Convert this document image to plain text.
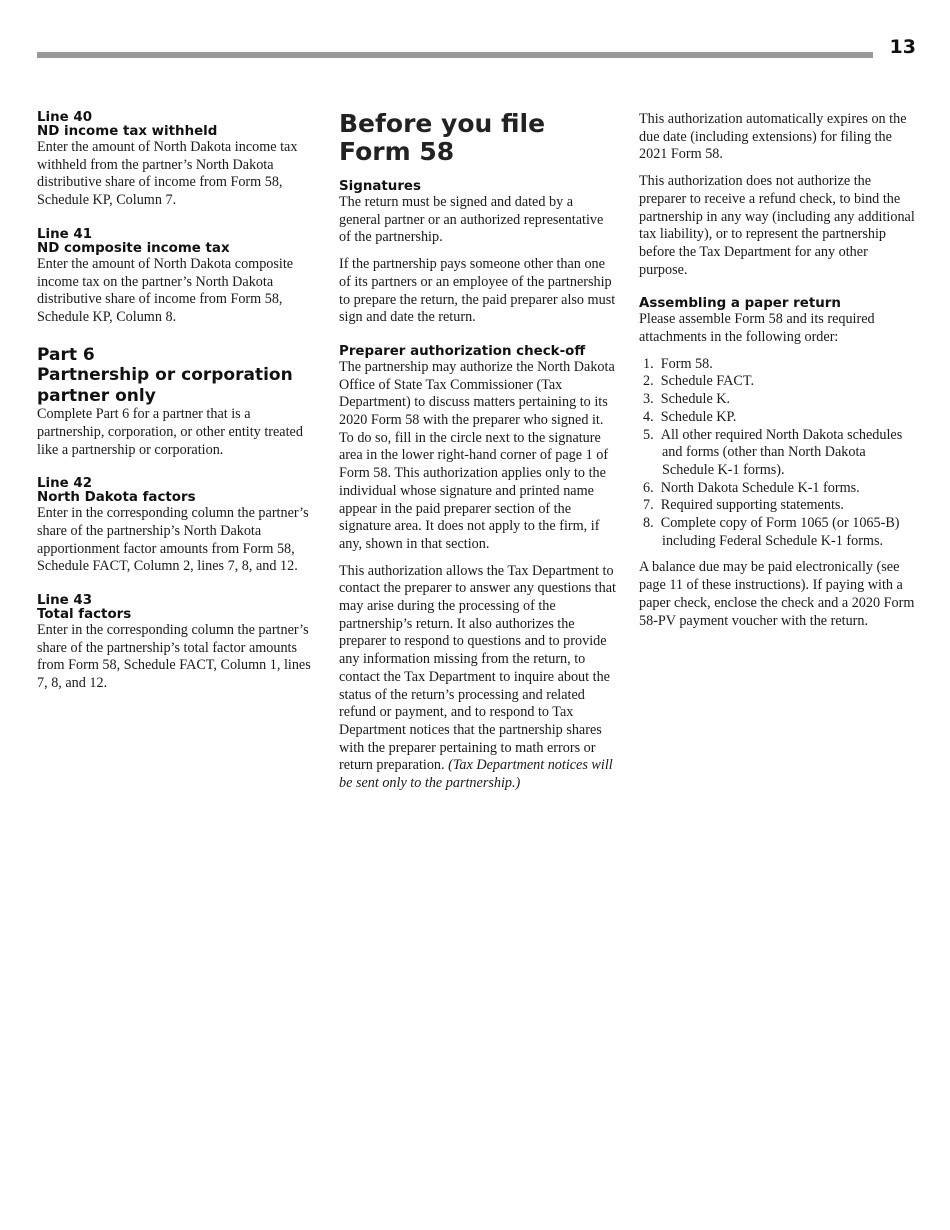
13
Line 40
ND income tax withheld

Enter the amount of North Dakota income tax withheld from the partner’s North Dakota distributive share of income from Form 58, Schedule KP, Column 7.

Line 41
ND composite income tax

Enter the amount of North Dakota composite income tax on the partner’s North Dakota distributive share of income from Form 58, Schedule KP, Column 8.

Part 6
Partnership or corporation
partner only

Complete Part 6 for a partner that is a partnership, corporation, or other entity treated like a partnership or corporation.

Line 42
North Dakota factors

Enter in the corresponding column the partner’s share of the partnership’s North Dakota apportionment factor amounts from Form 58, Schedule FACT, Column 2, lines 7, 8, and 12.

Line 43
Total factors

Enter in the corresponding column the partner’s share of the partnership’s total factor amounts from Form 58, Schedule FACT, Column 1, lines 7, 8, and 12.

Before you file
Form 58
Signatures

The return must be signed and dated by a general partner or an authorized representative of the partnership.

If the partnership pays someone other than one of its partners or an employee of the partnership to prepare the return, the paid preparer also must sign and date the return.

Preparer authorization check-off

The partnership may authorize the North Dakota Office of State Tax Commissioner (Tax Department) to discuss matters pertaining to its 2020 Form 58 with the preparer who signed it. To do so, fill in the circle next to the signature area in the lower right-hand corner of page 1 of Form 58. This authorization applies only to the individual whose signature and printed name appear in the paid preparer section of the signature area. It does not apply to the firm, if any, shown in that section.

This authorization allows the Tax Department to contact the preparer to answer any questions that may arise during the processing of the partnership’s return. It also authorizes the preparer to respond to questions and to provide any information missing from the return, to contact the Tax Department to inquire about the status of the return’s processing and related refund or payment, and to respond to Tax Department notices that the partnership shares with the preparer pertaining to math errors or return preparation. (Tax Department notices will be sent only to the partnership.)

This authorization automatically expires on the due date (including extensions) for filing the 2021 Form 58.

This authorization does not authorize the preparer to receive a refund check, to bind the partnership in any way (including any additional tax liability), or to represent the partnership before the Tax Department for any other purpose.

Assembling a paper return

Please assemble Form 58 and its required attachments in the following order:

1.  Form 58.
2.  Schedule FACT.
3.  Schedule K.
4.  Schedule KP.
5.  All other required North Dakota schedules and forms (other than North Dakota Schedule K-1 forms).
6.  North Dakota Schedule K-1 forms.
7.  Required supporting statements.
8.  Complete copy of Form 1065 (or 1065-B) including Federal Schedule K-1 forms.

A balance due may be paid electronically (see page 11 of these instructions). If paying with a paper check, enclose the check and a 2020 Form 58-PV payment voucher with the return.
